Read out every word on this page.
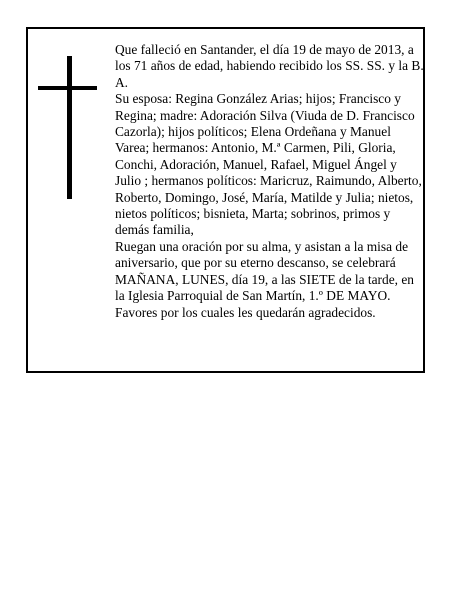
Que falleció en Santander, el día 19 de mayo de 2013, a los 71 años de edad, habiendo recibido los SS. SS. y la B. A.

Su esposa: Regina González Arias; hijos; Francisco y Regina; madre: Adoración Silva (Viuda de D. Francisco Cazorla); hijos políticos; Elena Ordeñana y Manuel Varea; hermanos: Antonio, M.ª Carmen, Pili, Gloria, Conchi, Adoración, Manuel, Rafael, Miguel Ángel y Julio ; hermanos políticos: Maricruz, Raimundo, Alberto, Roberto, Domingo, José, María, Matilde y Julia; nietos, nietos políticos; bisnieta, Marta; sobrinos, primos y demás familia,

Ruegan una oración por su alma, y asistan a la misa de aniversario, que por su eterno descanso, se celebrará MAÑANA, LUNES, día 19, a las SIETE de la tarde, en la Iglesia Parroquial de San Martín, 1.º DE MAYO.

Favores por los cuales les quedarán agradecidos.
